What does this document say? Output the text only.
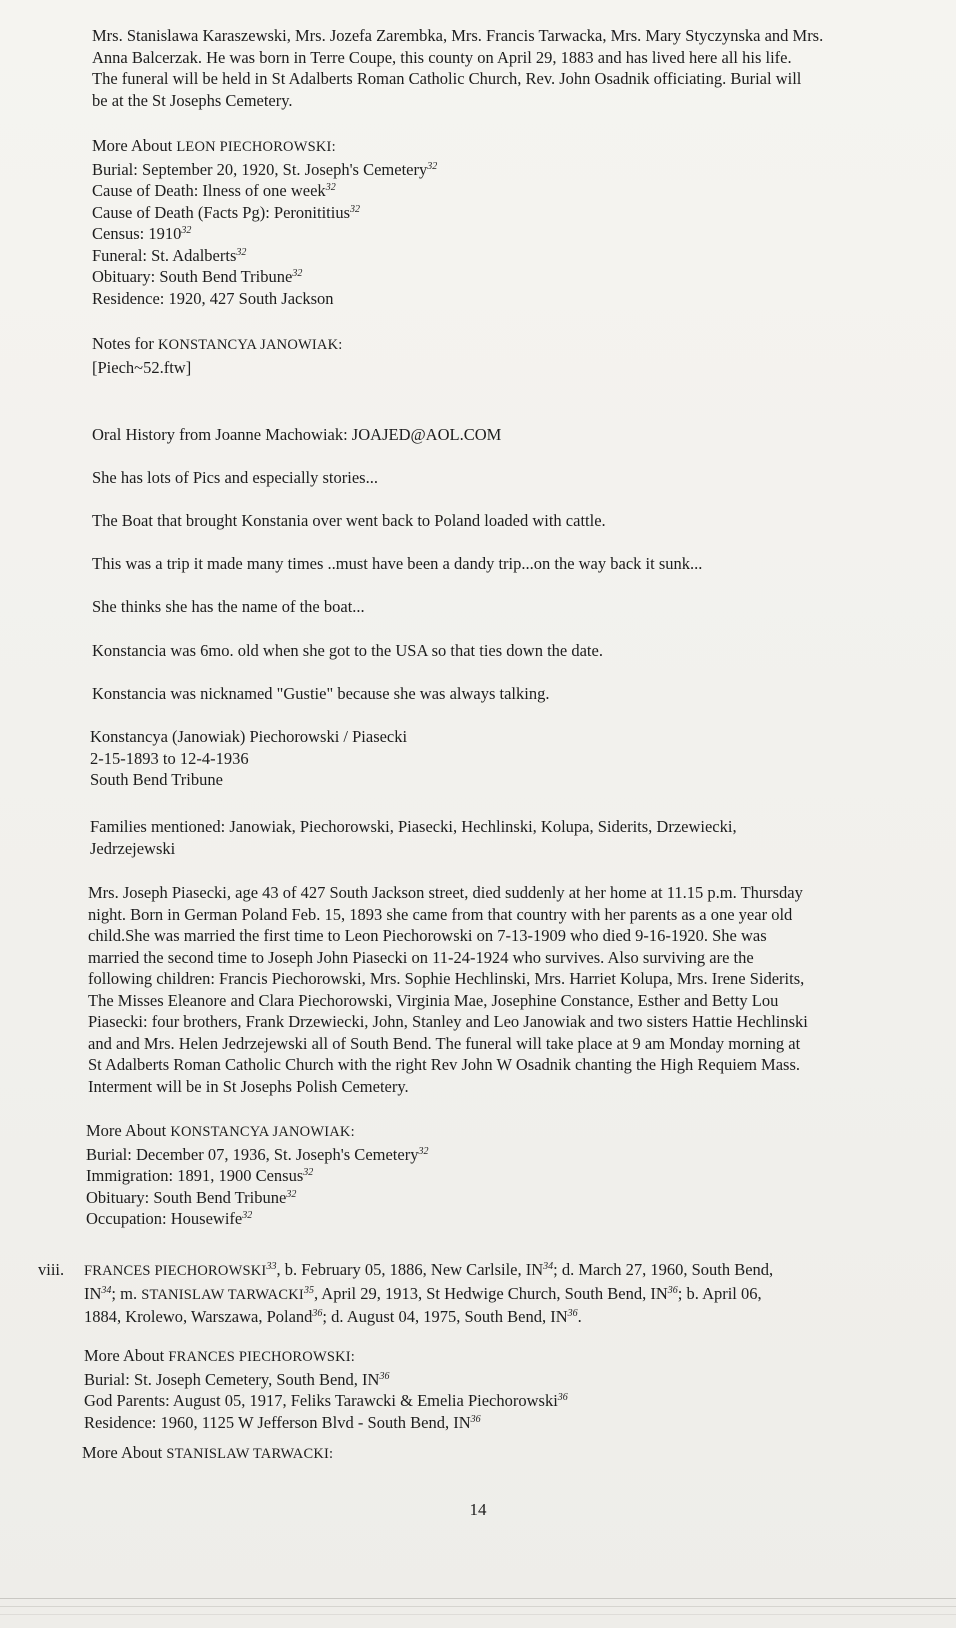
Mrs. Stanislawa Karaszewski, Mrs. Jozefa Zarembka, Mrs. Francis Tarwacka, Mrs. Mary Styczynska and Mrs.

Anna Balcerzak. He was born in Terre Coupe, this county on April 29, 1883 and has lived here all his life.

The funeral will be held in St Adalberts Roman Catholic Church, Rev. John Osadnik officiating. Burial will

be at the St Josephs Cemetery.

More About LEON PIECHOROWSKI:

Burial: September 20, 1920, St. Joseph's Cemetery$^{32}$

Cause of Death: Ilness of one week$^{32}$

Cause of Death (Facts Pg): Peronititius$^{32}$

Census: 1910$^{32}$

Funeral: St. Adalberts$^{32}$

Obituary: South Bend Tribune$^{32}$

Residence: 1920, 427 South Jackson

Notes for KONSTANCYA JANOWIAK:

[Piech~52.ftw]

Oral History from Joanne Machowiak: JOAJED@AOL.COM
She has lots of Pics and especially stories...
The Boat that brought Konstania over went back to Poland loaded with cattle.
This was a trip it made many times ..must have been a dandy trip...on the way back it sunk...
She thinks she has the name of the boat...
Konstancia was 6mo. old when she got to the USA so that ties down the date.
Konstancia was nicknamed "Gustie" because she was always talking.

Konstancya (Janowiak) Piechorowski / Piasecki

2-15-1893 to 12-4-1936

South Bend Tribune

Families mentioned: Janowiak, Piechorowski, Piasecki, Hechlinski, Kolupa, Siderits, Drzewiecki,

Jedrzejewski

Mrs. Joseph Piasecki, age 43 of 427 South Jackson street, died suddenly at her home at 11.15 p.m. Thursday

night. Born in German Poland Feb. 15, 1893 she came from that country with her parents as a one year old

child.She was married the first time to Leon Piechorowski on 7-13-1909 who died 9-16-1920. She was

married the second time to Joseph John Piasecki on 11-24-1924 who survives. Also surviving are the

following children: Francis Piechorowski, Mrs. Sophie Hechlinski, Mrs. Harriet Kolupa, Mrs. Irene Siderits,

The Misses Eleanore and Clara Piechorowski, Virginia Mae, Josephine Constance, Esther and Betty Lou

Piasecki: four brothers, Frank Drzewiecki, John, Stanley and Leo Janowiak and two sisters Hattie Hechlinski

and and Mrs. Helen Jedrzejewski all of South Bend. The funeral will take place at 9 am Monday morning at

St Adalberts Roman Catholic Church with the right Rev John W Osadnik chanting the High Requiem Mass.

Interment will be in St Josephs Polish Cemetery.

More About KONSTANCYA JANOWIAK:

Burial: December 07, 1936, St. Joseph's Cemetery$^{32}$

Immigration: 1891, 1900 Census$^{32}$

Obituary: South Bend Tribune$^{32}$

Occupation: Housewife$^{32}$

viii. FRANCES PIECHOROWSKI$^{33}$, b. February 05, 1886, New Carlsile, IN$^{34}$; d. March 27, 1960, South Bend,

IN$^{34}$; m. STANISLAW TARWACKI$^{35}$, April 29, 1913, St Hedwige Church, South Bend, IN$^{36}$; b. April 06,

1884, Krolewo, Warszawa, Poland$^{36}$; d. August 04, 1975, South Bend, IN$^{36}$.

More About FRANCES PIECHOROWSKI:

Burial: St. Joseph Cemetery, South Bend, IN$^{36}$

God Parents: August 05, 1917, Feliks Tarawcki & Emelia Piechorowski$^{36}$

Residence: 1960, 1125 W Jefferson Blvd - South Bend, IN$^{36}$

More About STANISLAW TARWACKI:

14
